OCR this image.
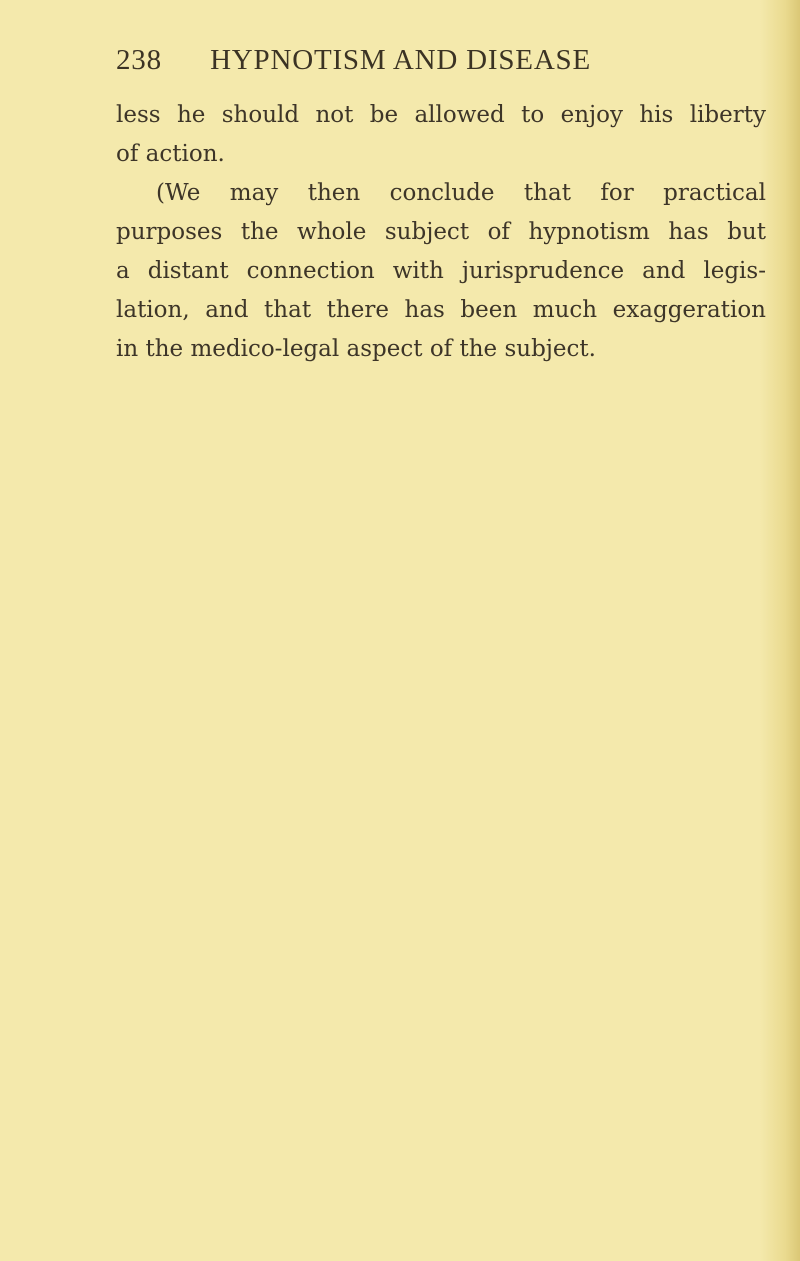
238 HYPNOTISM AND DISEASE
less he should not be allowed to enjoy his liberty
of action.
(We may then conclude that for practical
purposes the whole subject of hypnotism has but
a distant connection with jurisprudence and legis-
lation, and that there has been much exaggeration
in the medico-legal aspect of the subject.
